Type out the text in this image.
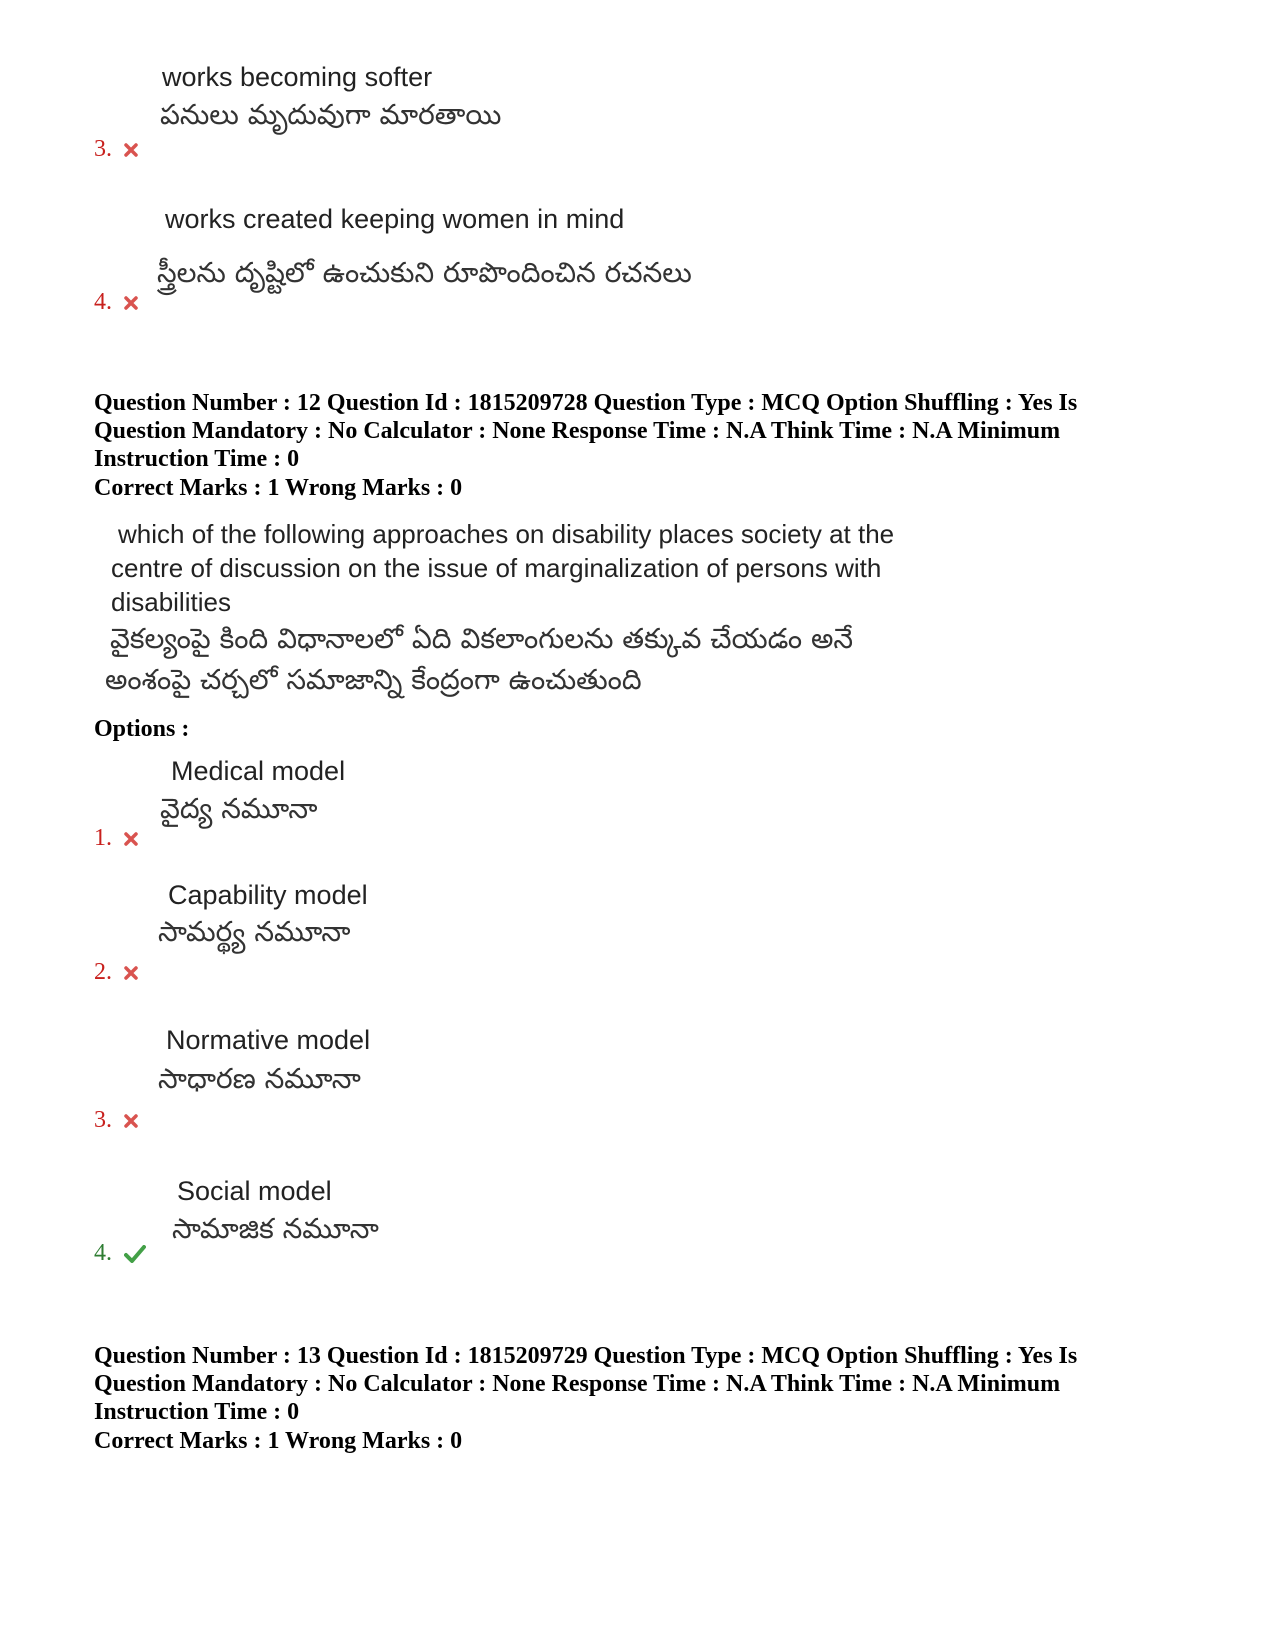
works becoming softer
పనులు మృదువుగా మారతాయి
3.
works created keeping women in mind
స్త్రీలను దృష్టిలో ఉంచుకుని రూపొందించిన రచనలు
4.
Question Number : 12 Question Id : 1815209728 Question Type : MCQ Option Shuffling : Yes Is
Question Mandatory : No Calculator : None Response Time : N.A Think Time : N.A Minimum
Instruction Time : 0
Correct Marks : 1 Wrong Marks : 0
which of the following approaches on disability places society at the
centre of discussion on the issue of marginalization of persons with
disabilities
వైకల్యంపై కింది విధానాలలో ఏది వికలాంగులను తక్కువ చేయడం అనే
అంశంపై చర్చలో సమాజాన్ని కేంద్రంగా ఉంచుతుంది
Options :
Medical model
వైద్య నమూనా
1.
Capability model
సామర్థ్య నమూనా
2.
Normative model
సాధారణ నమూనా
3.
Social model
సామాజిక నమూనా
4.
Question Number : 13 Question Id : 1815209729 Question Type : MCQ Option Shuffling : Yes Is
Question Mandatory : No Calculator : None Response Time : N.A Think Time : N.A Minimum
Instruction Time : 0
Correct Marks : 1 Wrong Marks : 0
